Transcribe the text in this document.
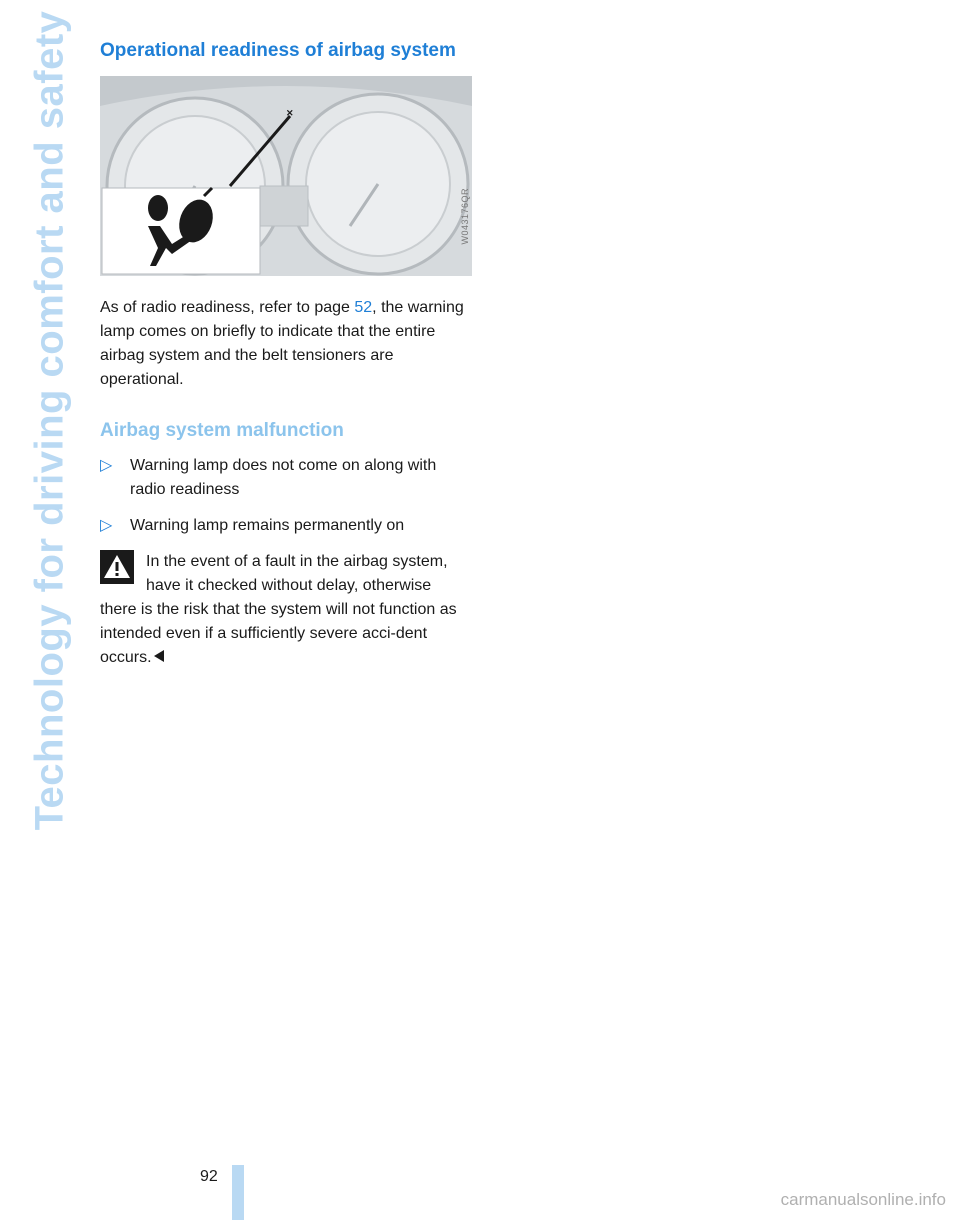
Technology for driving comfort and safety Operational readiness of airbag system
✕
W043176QR

As of radio readiness, refer to page 52, the warning lamp comes on briefly to indicate that the entire airbag system and the belt tensioners are operational.

Airbag system malfunction
▷ Warning lamp does not come on along with radio readiness
▷ Warning lamp remains permanently on
In the event of a fault in the airbag system, have it checked without delay, otherwise there is the risk that the system will not function as intended even if a sufficiently severe acci-dent occurs.
92
carmanualsonline.info
